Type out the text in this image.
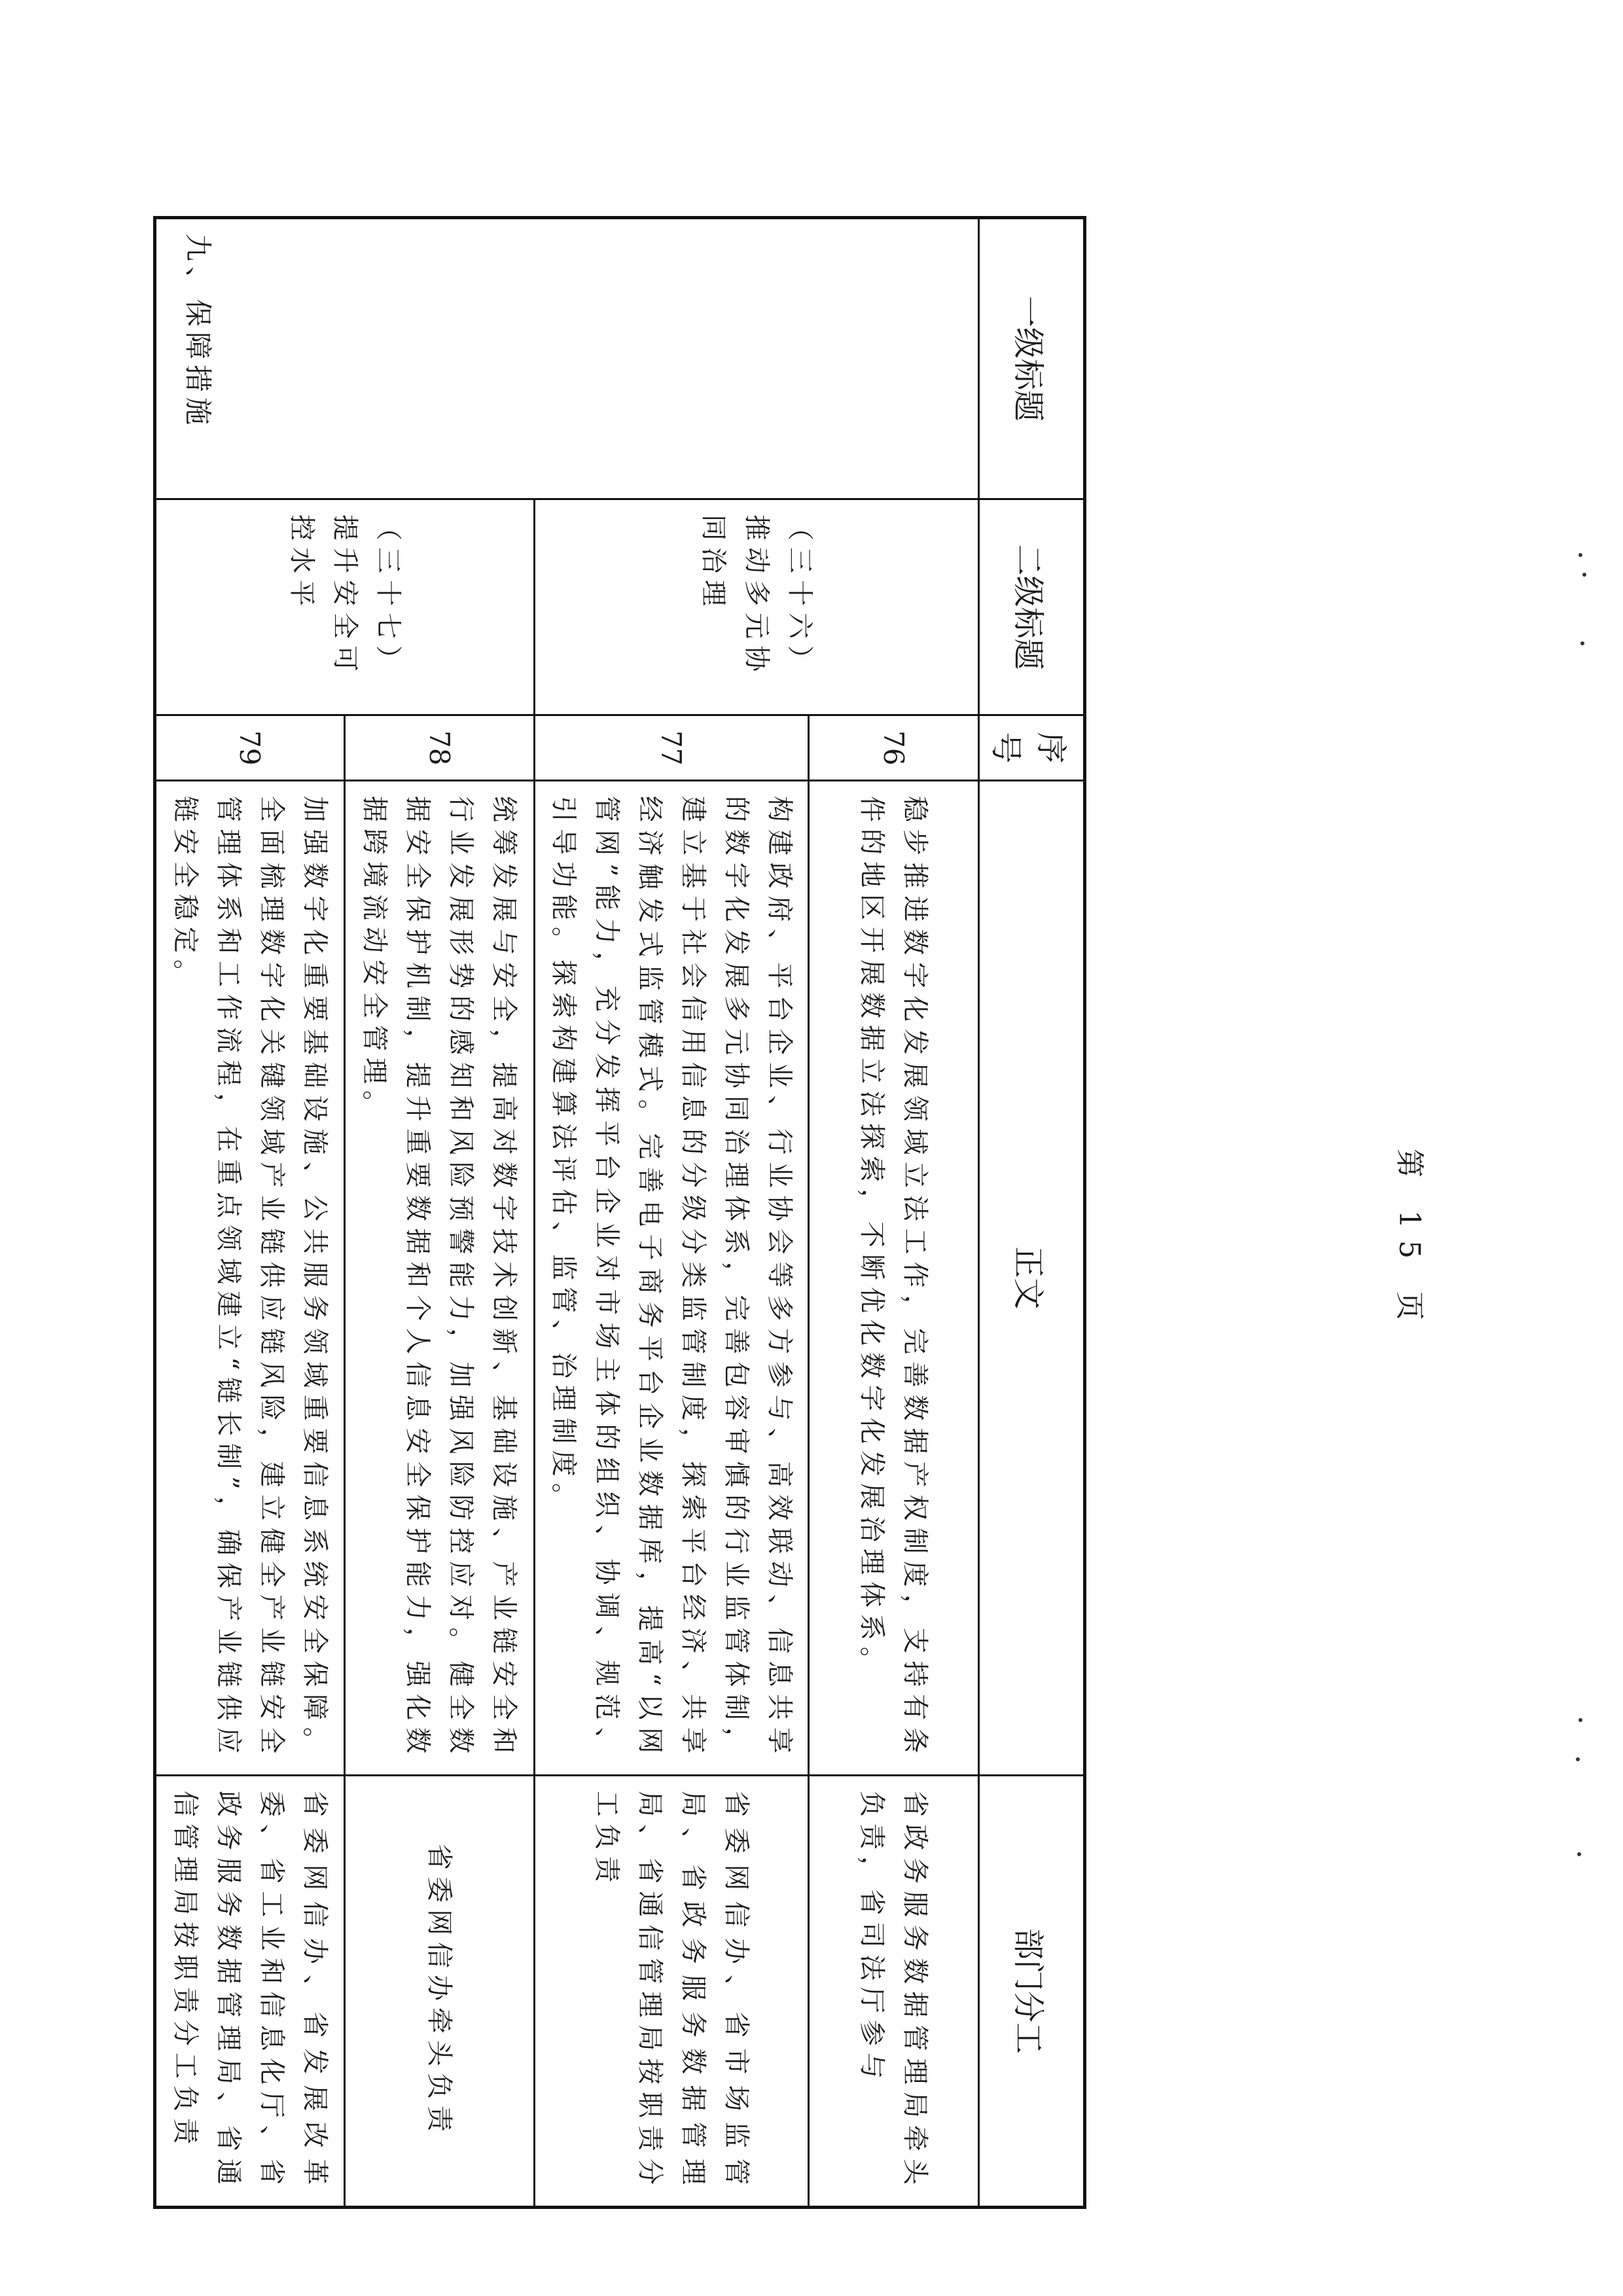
一级标题	二级标题	序号	正文	部门分工
九、保障措施	（三十六）推动多元协同治理	76	稳步推进数字化发展领域立法工作，完善数据产权制度，支持有条件的地区开展数据立法探索，不断优化数字化发展治理体系。	省政务服务数据管理局牵头负责，省司法厅参与
		77	构建政府、平台企业、行业协会等多方参与、高效联动、信息共享的数字化发展多元协同治理体系，完善包容审慎的行业监管体制，建立基于社会信用信息的分级分类监管制度，探索平台经济、共享经济触发式监管模式。完善电子商务平台企业数据库，提高“以网管网”能力，充分发挥平台企业对市场主体的组织、协调、规范、引导功能。探索构建算法评估、监管、治理制度。	省委网信办、省市场监管局、省政务服务数据管理局、省通信管理局按职责分工负责
	（三十七）提升安全可控水平	78	统筹发展与安全，提高对数字技术创新、基础设施、产业链安全和行业发展形势的感知和风险预警能力，加强风险防控应对。健全数据安全保护机制，提升重要数据和个人信息安全保护能力，强化数据跨境流动安全管理。	省委网信办牵头负责
		79	加强数字化重要基础设施、公共服务领域重要信息系统安全保障。全面梳理数字化关键领域产业链供应链风险，建立健全产业链安全管理体系和工作流程，在重点领域建立“链长制”，确保产业链供应链安全稳定。	省委网信办、省发展改革委、省工业和信息化厅、省政务服务数据管理局、省通信管理局按职责分工负责
第 15 页
